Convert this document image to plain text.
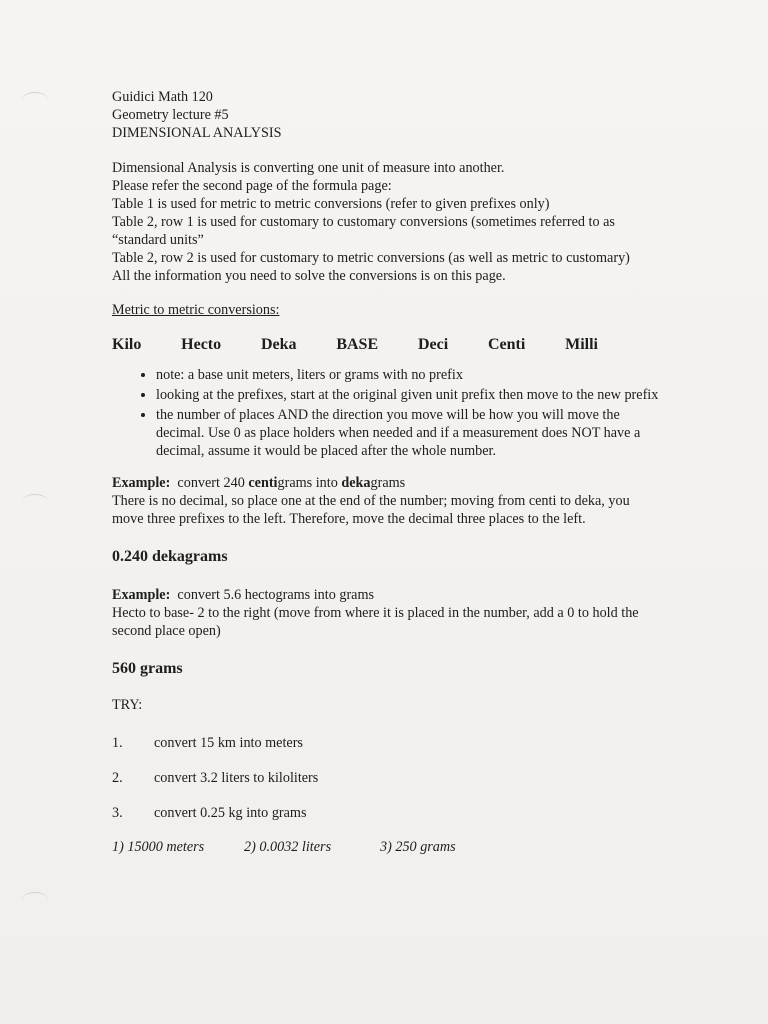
Guidici Math 120
Geometry lecture #5
DIMENSIONAL ANALYSIS
Dimensional Analysis is converting one unit of measure into another.
Please refer the second page of the formula page:
Table 1 is used for metric to metric conversions (refer to given prefixes only)
Table 2, row 1 is used for customary to customary conversions (sometimes referred to as “standard units”
Table 2, row 2 is used for customary to metric conversions (as well as metric to customary)
All the information you need to solve the conversions is on this page.
Metric to metric conversions:
Kilo Hecto Deka BASE Deci Centi Milli
• note: a base unit meters, liters or grams with no prefix
• looking at the prefixes, start at the original given unit prefix then move to the new prefix
• the number of places AND the direction you move will be how you will move the decimal. Use 0 as place holders when needed and if a measurement does NOT have a decimal, assume it would be placed after the whole number.
Example: convert 240 centigrams into dekagrams
There is no decimal, so place one at the end of the number; moving from centi to deka, you move three prefixes to the left. Therefore, move the decimal three places to the left.
0.240 dekagrams
Example: convert 5.6 hectograms into grams
Hecto to base- 2 to the right (move from where it is placed in the number, add a 0 to hold the second place open)
560 grams
TRY:
1.	convert 15 km into meters
2.	convert 3.2 liters to kiloliters
3.	convert 0.25 kg into grams
1) 15000 meters	2) 0.0032 liters	3) 250 grams
